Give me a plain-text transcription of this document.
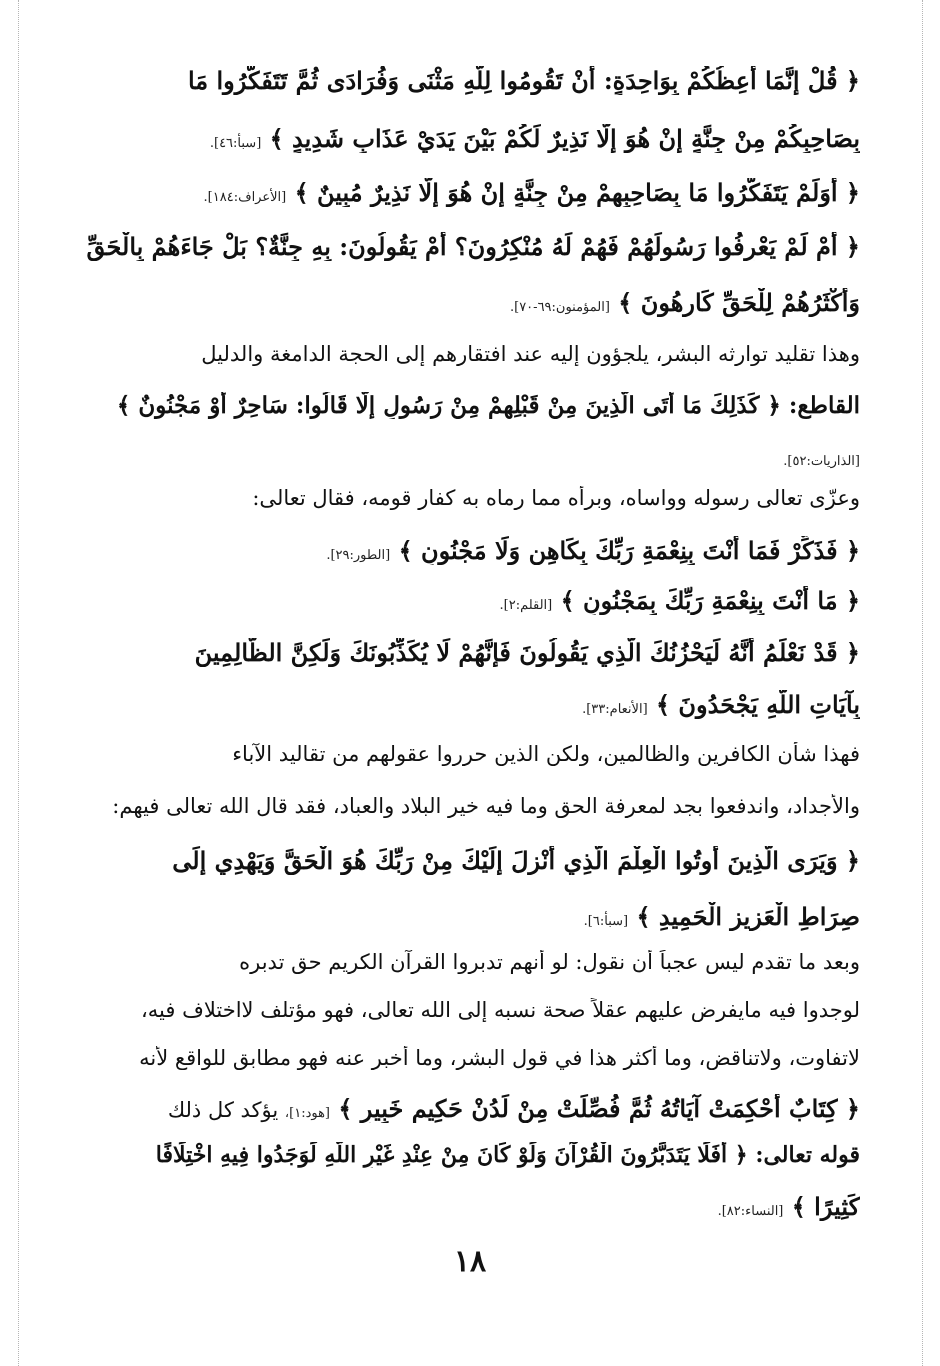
﴿ قُلْ إِنَّمَا أَعِظُكُمْ بِوَاحِدَةٍ: أَنْ تَقُومُوا لِلَّهِ مَثْنَى وَفُرَادَى ثُمَّ تَتَفَكَّرُوا مَا
بِصَاحِبِكُمْ مِنْ جِنَّةٍ إِنْ هُوَ إِلَّا نَذِيرٌ لَكُمْ بَيْنَ يَدَيْ عَذَابٍ شَدِيدٍ ﴾ [سبأ:٤٦].
﴿ أَوَلَمْ يَتَفَكَّرُوا مَا بِصَاحِبِهِمْ مِنْ جِنَّةٍ إِنْ هُوَ إِلَّا نَذِيرٌ مُبِينٌ ﴾ [الأعراف:١٨٤].
﴿ أَمْ لَمْ يَعْرِفُوا رَسُولَهُمْ فَهُمْ لَهُ مُنْكِرُونَ؟ أَمْ يَقُولُونَ: بِهِ جِنَّةٌ؟ بَلْ جَاءَهُمْ بِالْحَقِّ
وَأَكْثَرُهُمْ لِلْحَقِّ كَارِهُونَ ﴾ [المؤمنون:٦٩-٧٠].
وهذا تقليد توارثه البشر، يلجؤون إليه عند افتقارهم إلى الحجة الدامغة والدليل
القاطع: ﴿ كَذَلِكَ مَا أَتَى الَّذِينَ مِنْ قَبْلِهِمْ مِنْ رَسُولٍ إِلَّا قَالُوا: سَاحِرٌ أَوْ مَجْنُونٌ ﴾
[الذاريات:٥٢].
وعزّى تعالى رسوله وواساه، وبرأه مما رماه به كفار قومه، فقال تعالى:
﴿ فَذَكِّرْ فَمَا أَنْتَ بِنِعْمَةِ رَبِّكَ بِكَاهِنٍ وَلَا مَجْنُونٍ ﴾ [الطور:٢٩].
﴿ مَا أَنْتَ بِنِعْمَةِ رَبِّكَ بِمَجْنُونٍ ﴾ [القلم:٢].
﴿ قَدْ نَعْلَمُ أَنَّهُ لَيَحْزُنُكَ الَّذِي يَقُولُونَ فَإِنَّهُمْ لَا يُكَذِّبُونَكَ وَلَكِنَّ الظَّالِمِينَ
بِآيَاتِ اللَّهِ يَجْحَدُونَ ﴾ [الأنعام:٣٣].
فهذا شأن الكافرين والظالمين، ولكن الذين حرروا عقولهم من تقاليد الآباء
والأجداد، واندفعوا بجد لمعرفة الحق وما فيه خير البلاد والعباد، فقد قال الله تعالى فيهم:
﴿ وَيَرَى الَّذِينَ أُوتُوا الْعِلْمَ الَّذِي أُنْزِلَ إِلَيْكَ مِنْ رَبِّكَ هُوَ الْحَقَّ وَيَهْدِي إِلَى
صِرَاطِ الْعَزِيزِ الْحَمِيدِ ﴾ [سبأ:٦].
وبعد ما تقدم ليس عجباً أن نقول: لو أنهم تدبروا القرآن الكريم حق تدبره
لوجدوا فيه مايفرض عليهم عقلاً صحة نسبه إلى الله تعالى، فهو مؤتلف لااختلاف فيه،
لاتفاوت، ولاتناقض، وما أكثر هذا في قول البشر، وما أخبر عنه فهو مطابق للواقع لأنه
﴿ كِتَابٌ أُحْكِمَتْ آيَاتُهُ ثُمَّ فُصِّلَتْ مِنْ لَدُنْ حَكِيمٍ خَبِيرٍ ﴾ [هود:١]، يؤكد كل ذلك
قوله تعالى: ﴿ أَفَلَا يَتَدَبَّرُونَ الْقُرْآنَ وَلَوْ كَانَ مِنْ عِنْدِ غَيْرِ اللَّهِ لَوَجَدُوا فِيهِ اخْتِلَافًا
كَثِيرًا ﴾ [النساء:٨٢].
١٨
